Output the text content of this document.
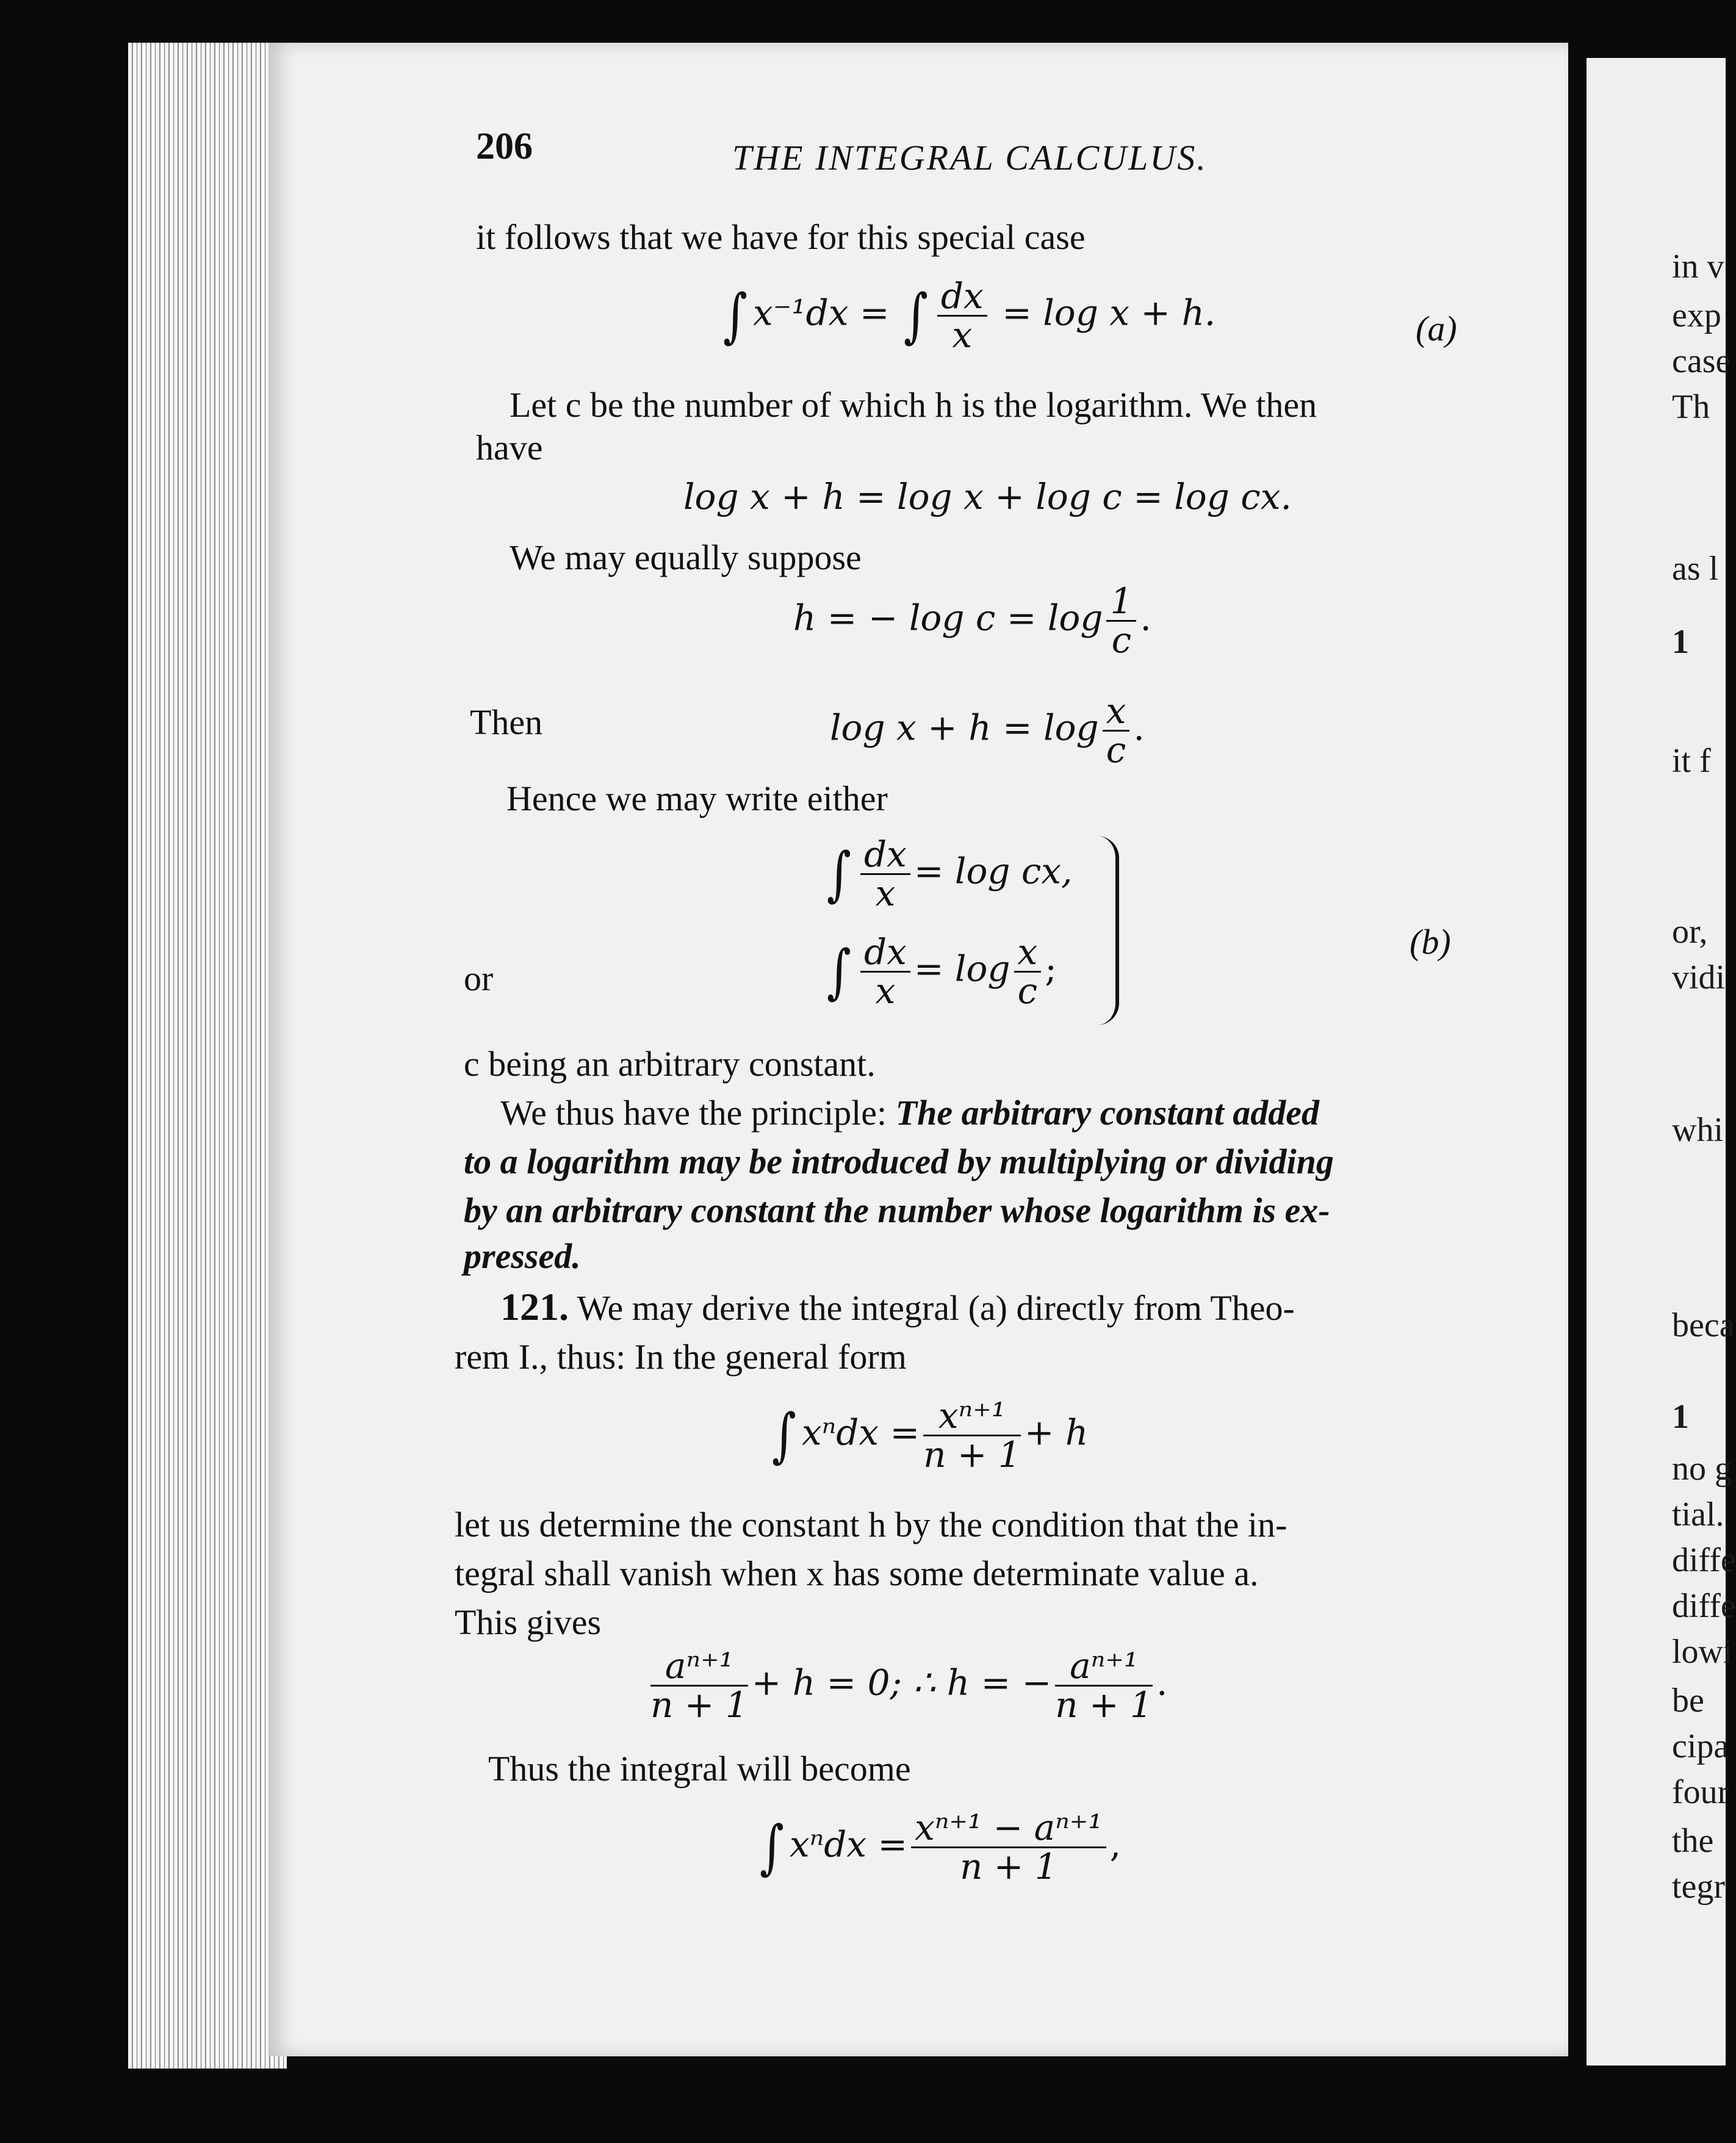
206	THE INTEGRAL CALCULUS.
it follows that we have for this special case
∫ x⁻¹dx = ∫ $\frac{dx}{x} = \log x + h$.	(a)
Let c be the number of which h is the logarithm. We then
have
log x + h = log x + log c = log cx.
We may equally suppose
h = − $\log c = \log \frac{1}{c}$ .
Then	$\log x + h = \log \frac{x}{c}$ .
Hence we may write either
∫ $\frac{dx}{x} = \log$ cx,
or	∫ $\frac{dx}{x} = \log \frac{x}{c}$ ;
(b)
c being an arbitrary constant.
We thus have the principle: The arbitrary constant added
to a logarithm may be introduced by multiplying or dividing
by an arbitrary constant the number whose logarithm is ex-
pressed.
121. We may derive the integral (a) directly from Theo-
rem I., thus: In the general form
∫ $x^ndx = \frac{\text{xⁿ⁺¹}}{n + 1} + h$
let us determine the constant h by the condition that the in-
tegral shall vanish when x has some determinate value a.
This gives
$\frac{\text{aⁿ⁺¹}}{n + 1} + h = 0$; ∴ h = − $\frac{\text{aⁿ⁺¹}}{n + 1}$ .
Thus the integral will become
∫ $x^ndx = \frac{\text{xⁿ⁺¹ − aⁿ⁺¹}}{n + 1}$ ,
in v
exp
case
Th
as l
1
it f
or,
vidi
whi
beca
1
no g
tial.
diffe
diffe
lowi
be
cipa
four
the
tegr
